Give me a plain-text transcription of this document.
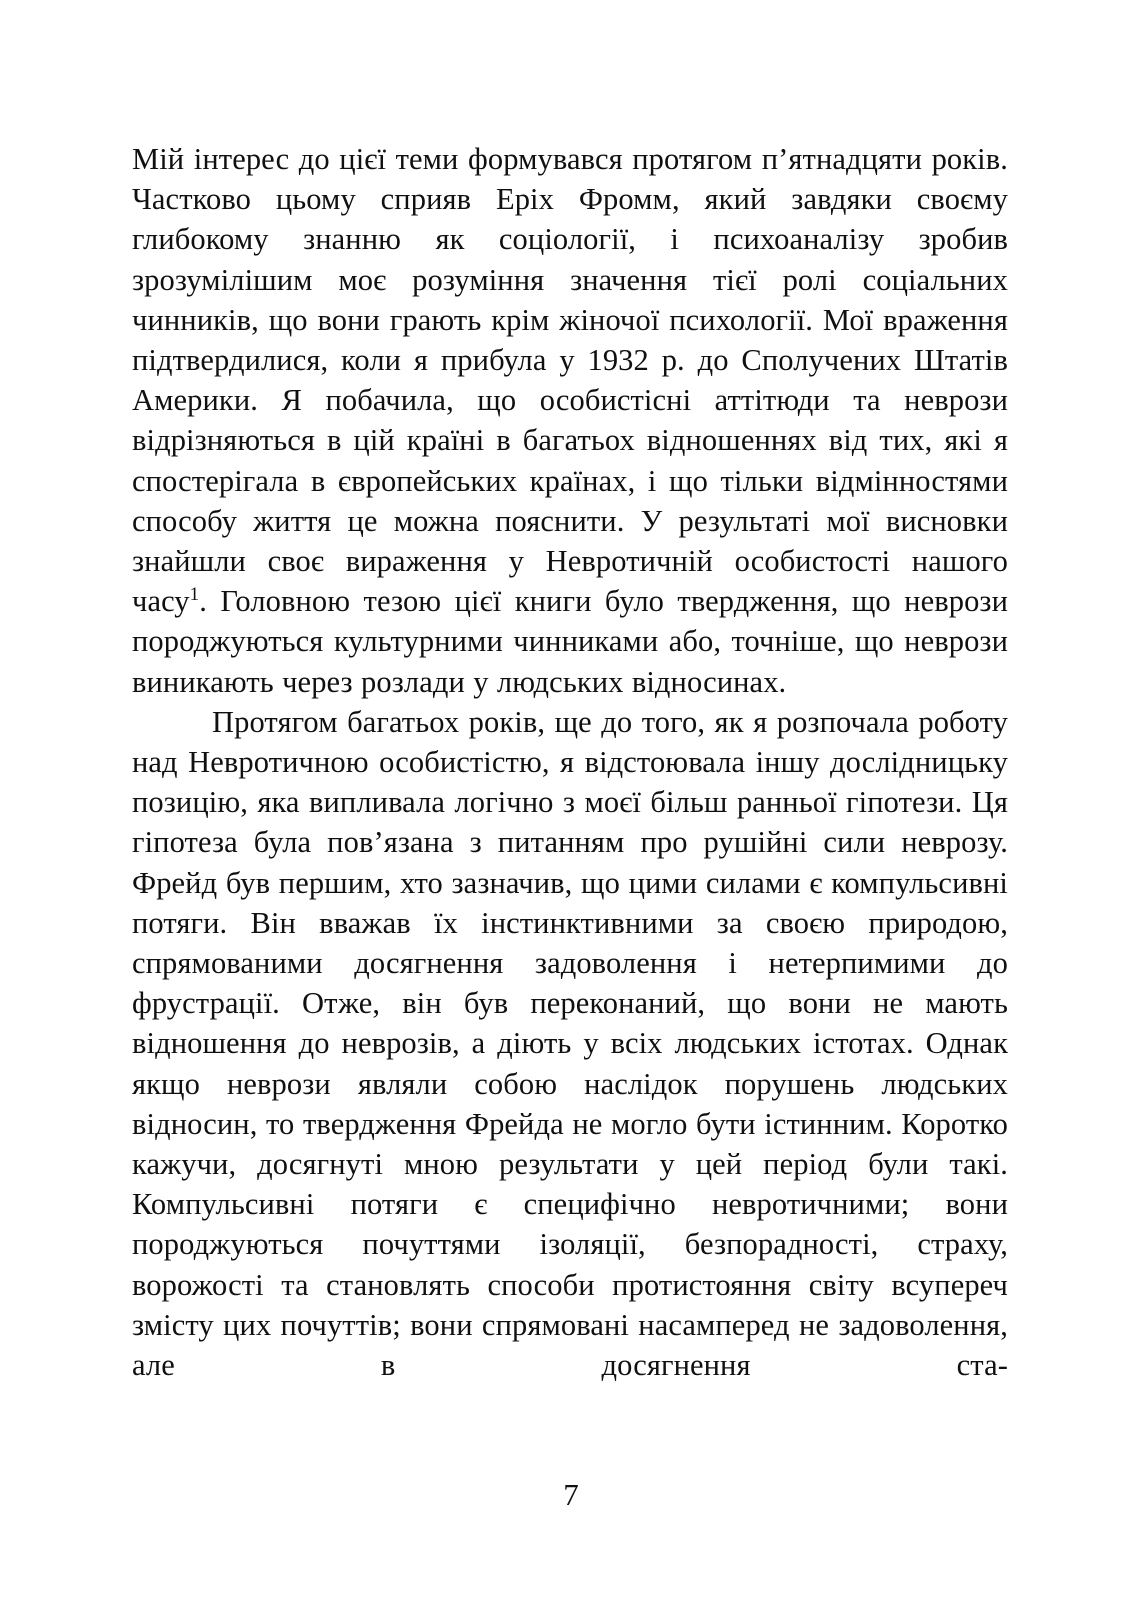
Мій інтерес до цієї теми формувався протягом п’ятнадцяти років. Частково цьому сприяв Еріх Фромм, який завдяки своєму глибокому знанню як соціології, і психоаналізу зробив зрозумілішим моє розуміння значення тієї ролі соціальних чинників, що вони грають крім жіночої психології. Мої враження підтвердилися, коли я прибула у 1932 р. до Сполучених Штатів Америки. Я побачила, що особистісні аттітюди та неврози відрізняються в цій країні в багатьох відношеннях від тих, які я спостерігала в європейських країнах, і що тільки відмінностями способу життя це можна пояснити. У результаті мої висновки знайшли своє вираження у Невротичній особистості нашого часу$^1$. Головною тезою цієї книги було твердження, що неврози породжуються культурними чинниками або, точніше, що неврози виникають через розлади у людських відносинах.

Протягом багатьох років, ще до того, як я розпочала роботу над Невротичною особистістю, я відстоювала іншу дослідницьку позицію, яка випливала логічно з моєї більш ранньої гіпотези. Ця гіпотеза була пов’язана з питанням про рушійні сили неврозу. Фрейд був першим, хто зазначив, що цими силами є компульсивні потяги. Він вважав їх інстинктивними за своєю природою, спрямованими досягнення задоволення і нетерпимими до фрустрації. Отже, він був переконаний, що вони не мають відношення до неврозів, а діють у всіх людських істотах. Однак якщо неврози являли собою наслідок порушень людських відносин, то твердження Фрейда не могло бути істинним. Коротко кажучи, досягнуті мною результати у цей період були такі. Компульсивні потяги є специфічно невротичними; вони породжуються почуттями ізоляції, безпорадності, страху, ворожості та становлять способи протистояння світу всупереч змісту цих почуттів; вони спрямовані насамперед не задоволення, але в досягнення ста-

7
